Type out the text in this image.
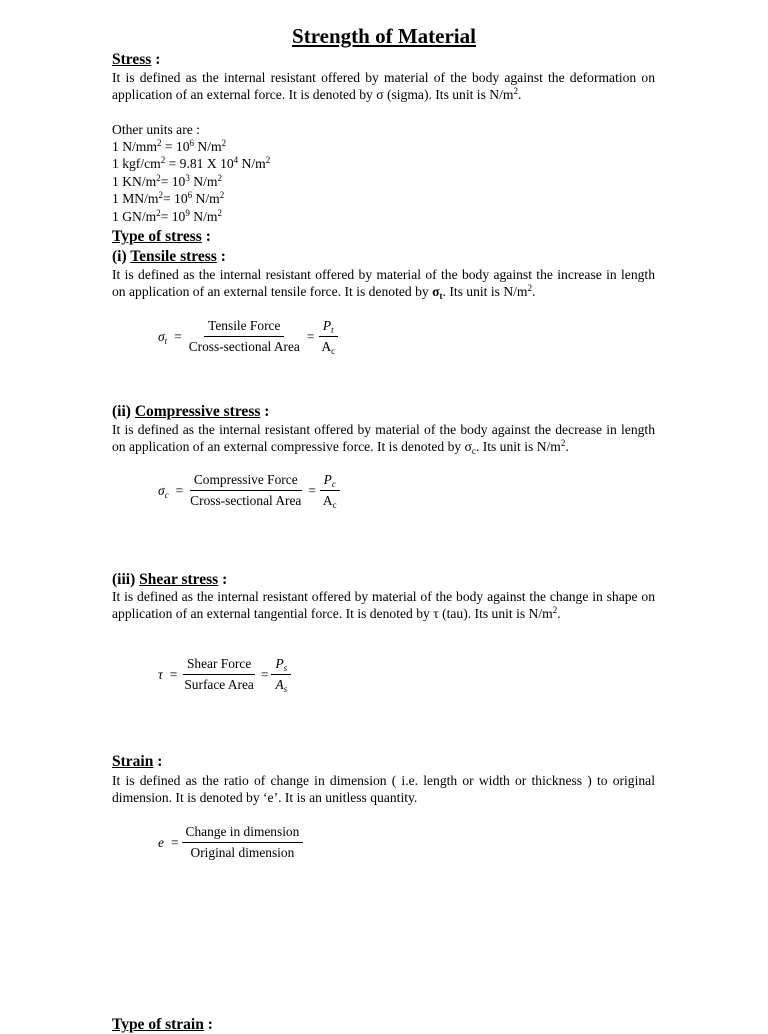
Strength of Material
Stress :
It is defined as the internal resistant offered by material of the body against the deformation on application of an external force. It is denoted by σ (sigma). Its unit is $N/m^2$.
Other units are :
1 $N/mm^2 = 10^6$ $N/m^2$
1 kgf/$cm^2 = 9.81$ X $10^4$ $N/m^2$
1 $KN/m^2= 10^3$ $N/m^2$
1 $MN/m^2= 10^6$ $N/m^2$
1 $GN/m^2= 10^9$ $N/m^2$
Type of stress :
(i) Tensile stress :
It is defined as the internal resistant offered by material of the body against the increase in length on application of an external tensile force. It is denoted by $\sigma_t$. Its unit is $N/m^2$.
$\sigma_t = \frac{\text{Tensile Force}}{\text{Cross-sectional Area}} = \frac{P_t}{A_c}$
(ii) Compressive stress :
It is defined as the internal resistant offered by material of the body against the decrease in length on application of an external compressive force. It is denoted by $\sigma_c$. Its unit is $N/m^2$.
$\sigma_c = \frac{\text{Compressive Force}}{\text{Cross-sectional Area}} = \frac{P_c}{A_c}$
(iii) Shear stress :
It is defined as the internal resistant offered by material of the body against the change in shape on application of an external tangential force. It is denoted by τ (tau). Its unit is $N/m^2$.
$\tau = \frac{\text{Shear Force}}{\text{Surface Area}} = \frac{P_s}{A_s}$
Strain :
It is defined as the ratio of change in dimension ( i.e. length or width or thickness ) to original dimension. It is denoted by ‘e’. It is an unitless quantity.
$e = \frac{\text{Change in dimension}}{\text{Original dimension}}$
Type of strain :
